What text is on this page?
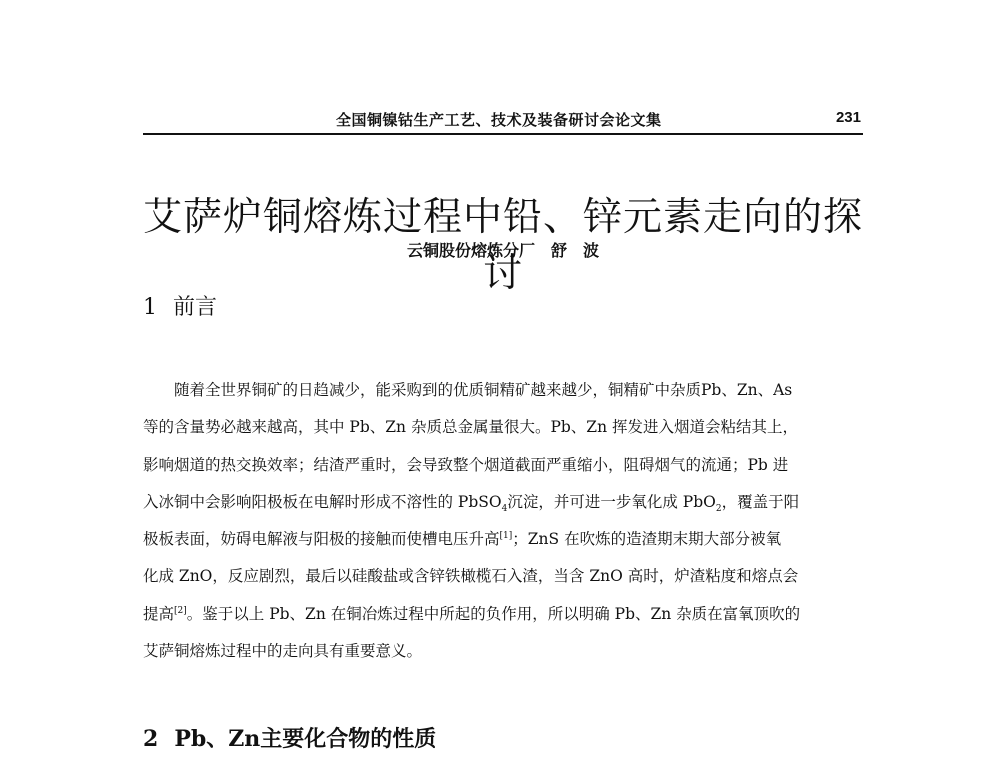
全国铜镍钴生产工艺、技术及装备研讨会论文集	231
艾萨炉铜熔炼过程中铅、锌元素走向的探讨
云铜股份熔炼分厂 舒　波
1 前言
随着全世界铜矿的日趋减少，能采购到的优质铜精矿越来越少，铜精矿中杂质Pb、Zn、As
等的含量势必越来越高，其中 Pb、Zn 杂质总金属量很大。Pb、Zn 挥发进入烟道会粘结其上，
影响烟道的热交换效率；结渣严重时，会导致整个烟道截面严重缩小，阻碍烟气的流通；Pb 进
入冰铜中会影响阳极板在电解时形成不溶性的 PbSO$_4$沉淀，并可进一步氧化成 PbO$_2$，覆盖于阳
极板表面，妨碍电解液与阳极的接触而使槽电压升高[1]；ZnS 在吹炼的造渣期末期大部分被氧
化成 ZnO，反应剧烈，最后以硅酸盐或含锌铁橄榄石入渣，当含 ZnO 高时，炉渣粘度和熔点会
提高[2]。鉴于以上 Pb、Zn 在铜冶炼过程中所起的负作用，所以明确 Pb、Zn 杂质在富氧顶吹的
艾萨铜熔炼过程中的走向具有重要意义。
2 Pb、Zn主要化合物的性质
